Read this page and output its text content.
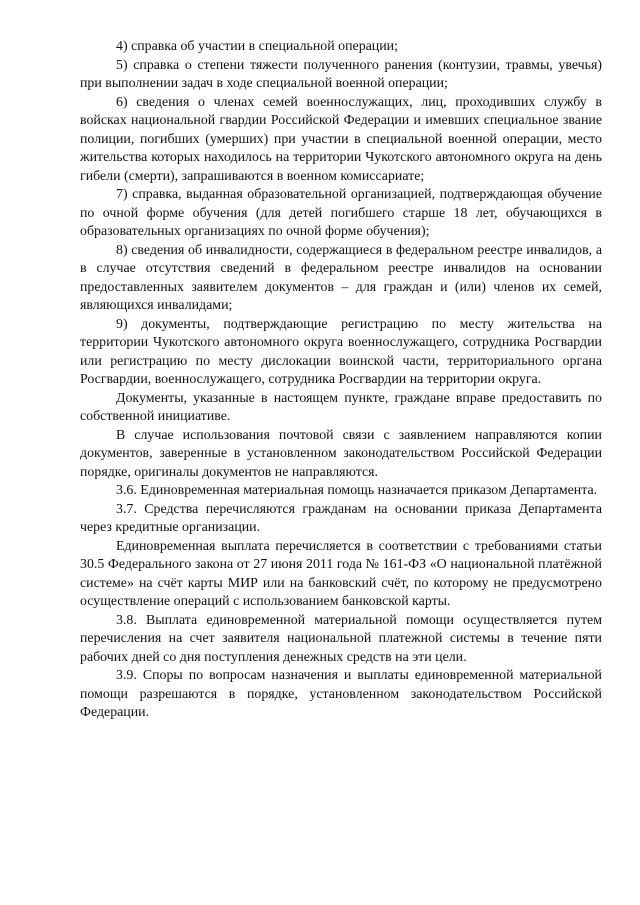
4) справка об участии в специальной операции;

5) справка о степени тяжести полученного ранения (контузии, травмы, увечья) при выполнении задач в ходе специальной военной операции;

6) сведения о членах семей военнослужащих, лиц, проходивших службу в войсках национальной гвардии Российской Федерации и имевших специальное звание полиции, погибших (умерших) при участии в специальной военной операции, место жительства которых находилось на территории Чукотского автономного округа на день гибели (смерти), запрашиваются в военном комиссариате;

7) справка, выданная образовательной организацией, подтверждающая обучение по очной форме обучения (для детей погибшего старше 18 лет, обучающихся в образовательных организациях по очной форме обучения);

8) сведения об инвалидности, содержащиеся в федеральном реестре инвалидов, а в случае отсутствия сведений в федеральном реестре инвалидов на основании предоставленных заявителем документов – для граждан и (или) членов их семей, являющихся инвалидами;

9) документы, подтверждающие регистрацию по месту жительства на территории Чукотского автономного округа военнослужащего, сотрудника Росгвардии или регистрацию по месту дислокации воинской части, территориального органа Росгвардии, военнослужащего, сотрудника Росгвардии на территории округа.

Документы, указанные в настоящем пункте, граждане вправе предоставить по собственной инициативе.

В случае использования почтовой связи с заявлением направляются копии документов, заверенные в установленном законодательством Российской Федерации порядке, оригиналы документов не направляются.

3.6. Единовременная материальная помощь назначается приказом Департамента.

3.7. Средства перечисляются гражданам на основании приказа Департамента через кредитные организации.

Единовременная выплата перечисляется в соответствии с требованиями статьи 30.5 Федерального закона от 27 июня 2011 года № 161-ФЗ «О национальной платёжной системе» на счёт карты МИР или на банковский счёт, по которому не предусмотрено осуществление операций с использованием банковской карты.

3.8. Выплата единовременной материальной помощи осуществляется путем перечисления на счет заявителя национальной платежной системы в течение пяти рабочих дней со дня поступления денежных средств на эти цели.

3.9. Споры по вопросам назначения и выплаты единовременной материальной помощи разрешаются в порядке, установленном законодательством Российской Федерации.
